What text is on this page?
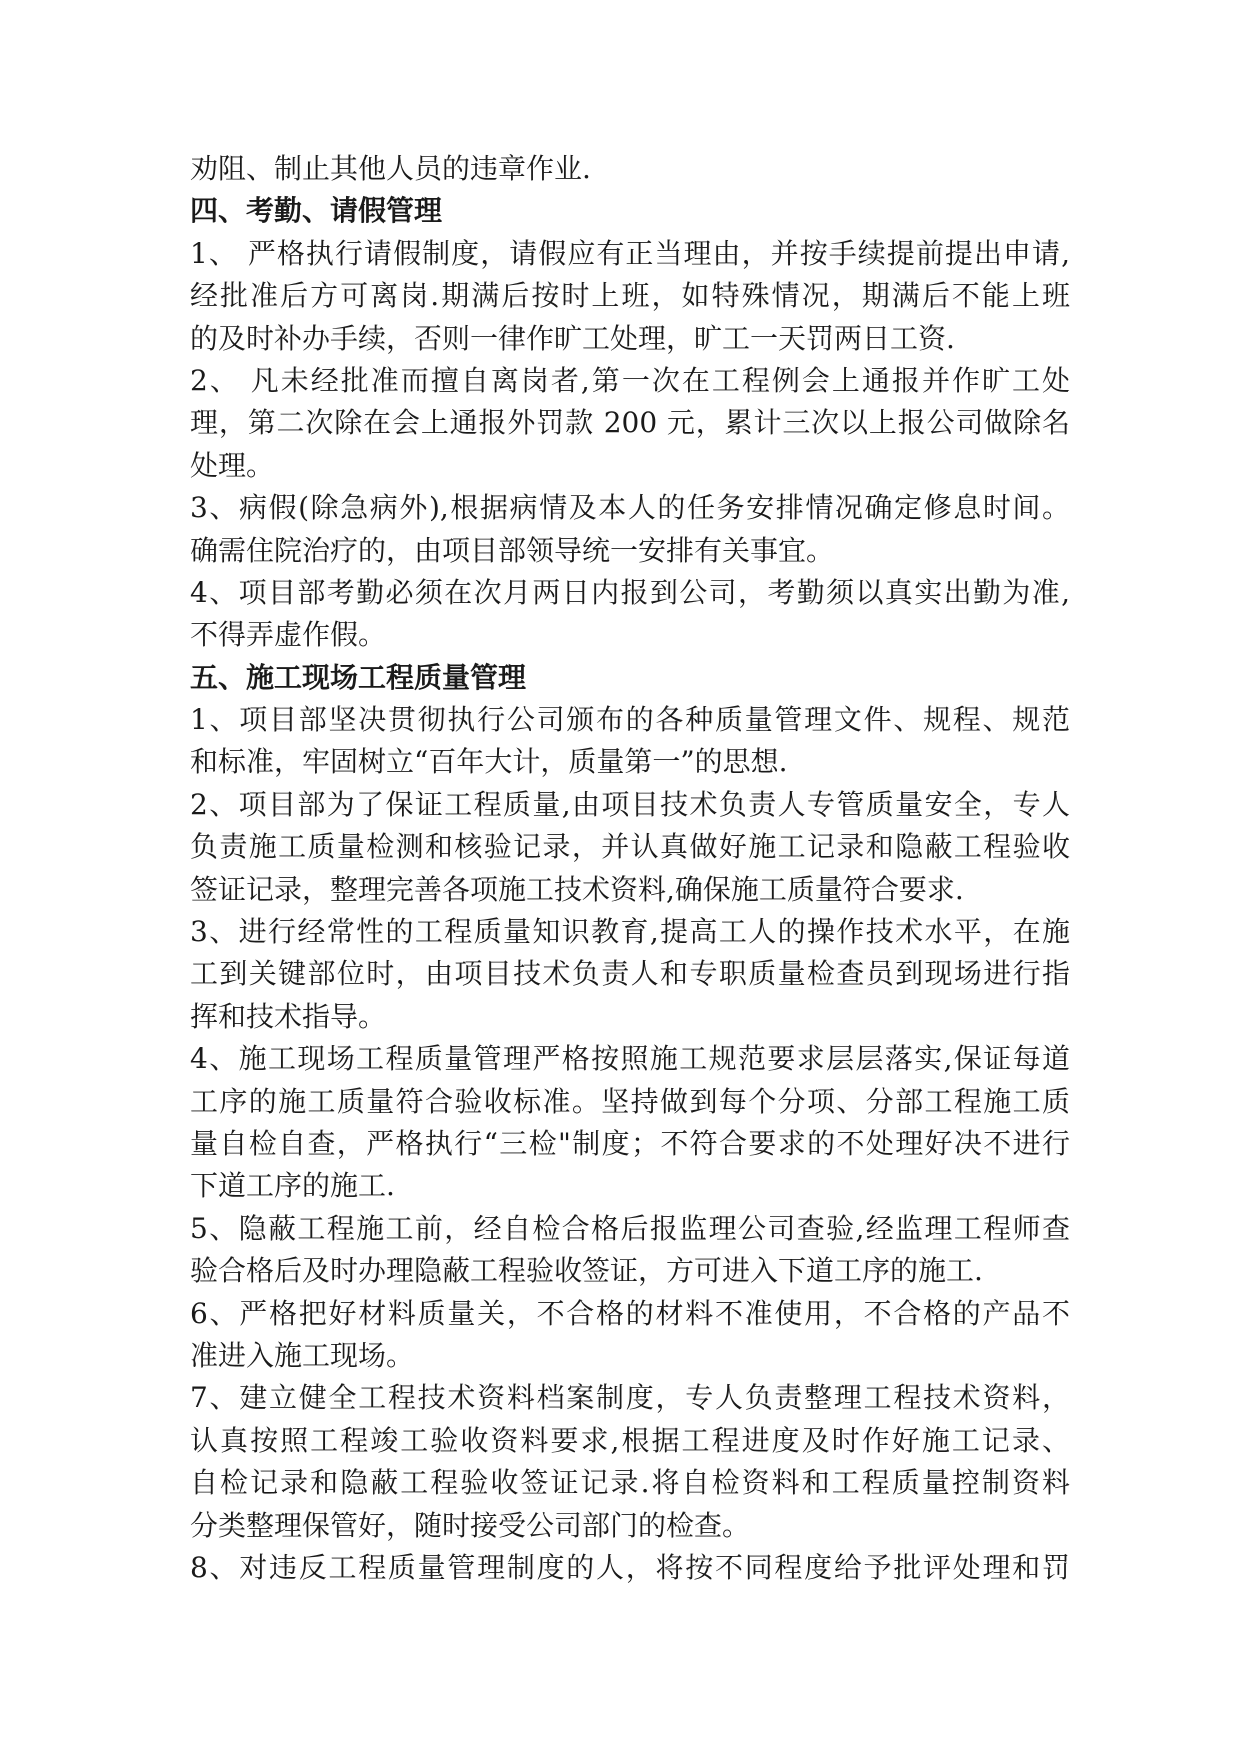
劝阻、制止其他人员的违章作业.
四、考勤、请假管理
1、 严格执行请假制度，请假应有正当理由，并按手续提前提出申请,
经批准后方可离岗.期满后按时上班，如特殊情况，期满后不能上班
的及时补办手续，否则一律作旷工处理，旷工一天罚两日工资.
2、 凡未经批准而擅自离岗者,第一次在工程例会上通报并作旷工处
理，第二次除在会上通报外罚款 200 元，累计三次以上报公司做除名
处理。
3、病假(除急病外),根据病情及本人的任务安排情况确定修息时间。
确需住院治疗的，由项目部领导统一安排有关事宜。
4、项目部考勤必须在次月两日内报到公司，考勤须以真实出勤为准,
不得弄虚作假。
五、施工现场工程质量管理
1、项目部坚决贯彻执行公司颁布的各种质量管理文件、规程、规范
和标准，牢固树立“百年大计，质量第一”的思想.
2、项目部为了保证工程质量,由项目技术负责人专管质量安全，专人
负责施工质量检测和核验记录，并认真做好施工记录和隐蔽工程验收
签证记录，整理完善各项施工技术资料,确保施工质量符合要求.
3、进行经常性的工程质量知识教育,提高工人的操作技术水平，在施
工到关键部位时，由项目技术负责人和专职质量检查员到现场进行指
挥和技术指导。
4、施工现场工程质量管理严格按照施工规范要求层层落实,保证每道
工序的施工质量符合验收标准。坚持做到每个分项、分部工程施工质
量自检自查，严格执行“三检"制度；不符合要求的不处理好决不进行
下道工序的施工.
5、隐蔽工程施工前，经自检合格后报监理公司查验,经监理工程师查
验合格后及时办理隐蔽工程验收签证，方可进入下道工序的施工.
6、严格把好材料质量关，不合格的材料不准使用，不合格的产品不
准进入施工现场。
7、建立健全工程技术资料档案制度，专人负责整理工程技术资料，
认真按照工程竣工验收资料要求,根据工程进度及时作好施工记录、
自检记录和隐蔽工程验收签证记录.将自检资料和工程质量控制资料
分类整理保管好，随时接受公司部门的检查。
8、对违反工程质量管理制度的人，将按不同程度给予批评处理和罚
